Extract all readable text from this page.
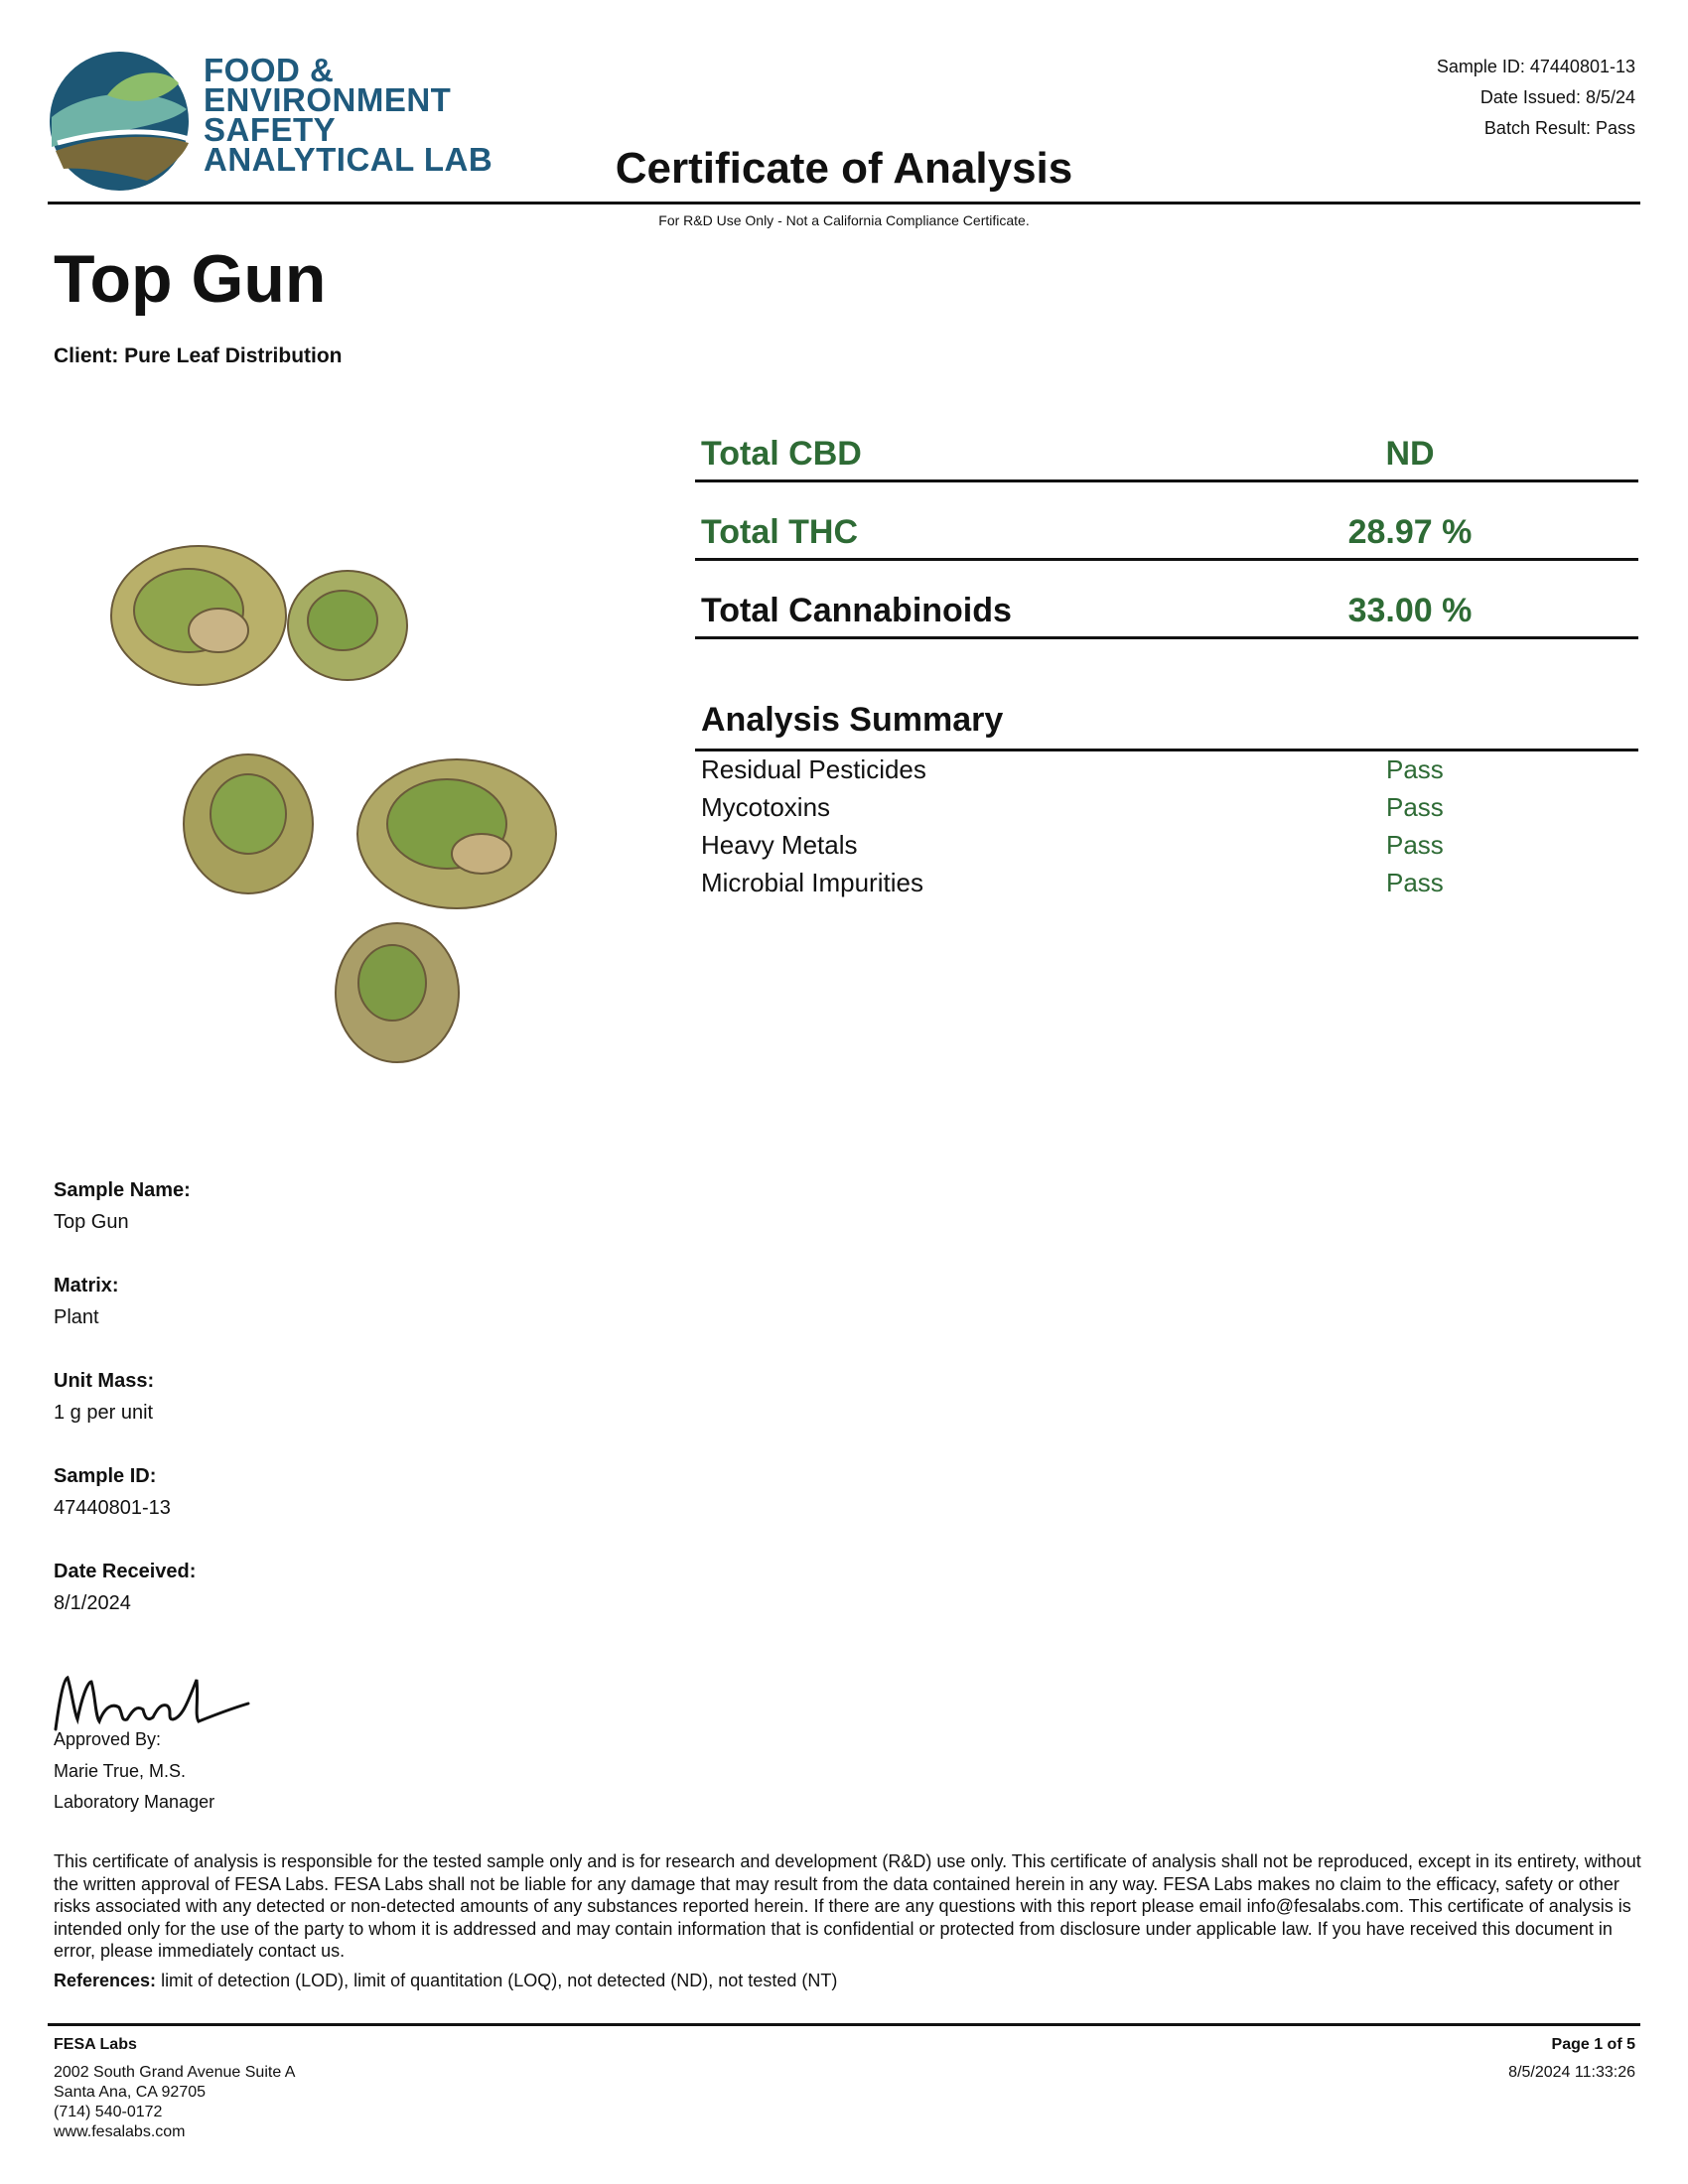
FOOD &
ENVIRONMENT
SAFETY
ANALYTICAL LAB
Sample ID: 47440801-13
Date Issued: 8/5/24
Batch Result: Pass
Certificate of Analysis
For R&D Use Only - Not a California Compliance Certificate.
Top Gun
Client: Pure Leaf Distribution
Total CBD	ND
Total THC	28.97 %
Total Cannabinoids	33.00 %
Analysis Summary
Residual Pesticides	Pass
Mycotoxins	Pass
Heavy Metals	Pass
Microbial Impurities	Pass
Sample Name:
Top Gun
Matrix:
Plant
Unit Mass:
1 g per unit
Sample ID:
47440801-13
Date Received:
8/1/2024
Approved By:
Marie True, M.S.
Laboratory Manager
This certificate of analysis is responsible for the tested sample only and is for research and development (R&D) use only. This certificate of analysis shall not be reproduced, except in its entirety, without the written approval of FESA Labs. FESA Labs shall not be liable for any damage that may result from the data contained herein in any way. FESA Labs makes no claim to the efficacy, safety or other risks associated with any detected or non-detected amounts of any substances reported herein. If there are any questions with this report please email info@fesalabs.com. This certificate of analysis is intended only for the use of the party to whom it is addressed and may contain information that is confidential or protected from disclosure under applicable law. If you have received this document in error, please immediately contact us.
References: limit of detection (LOD), limit of quantitation (LOQ), not detected (ND), not tested (NT)
FESA Labs
2002 South Grand Avenue Suite A
Santa Ana, CA 92705
(714) 540-0172
www.fesalabs.com
Page 1 of 5
8/5/2024 11:33:26
